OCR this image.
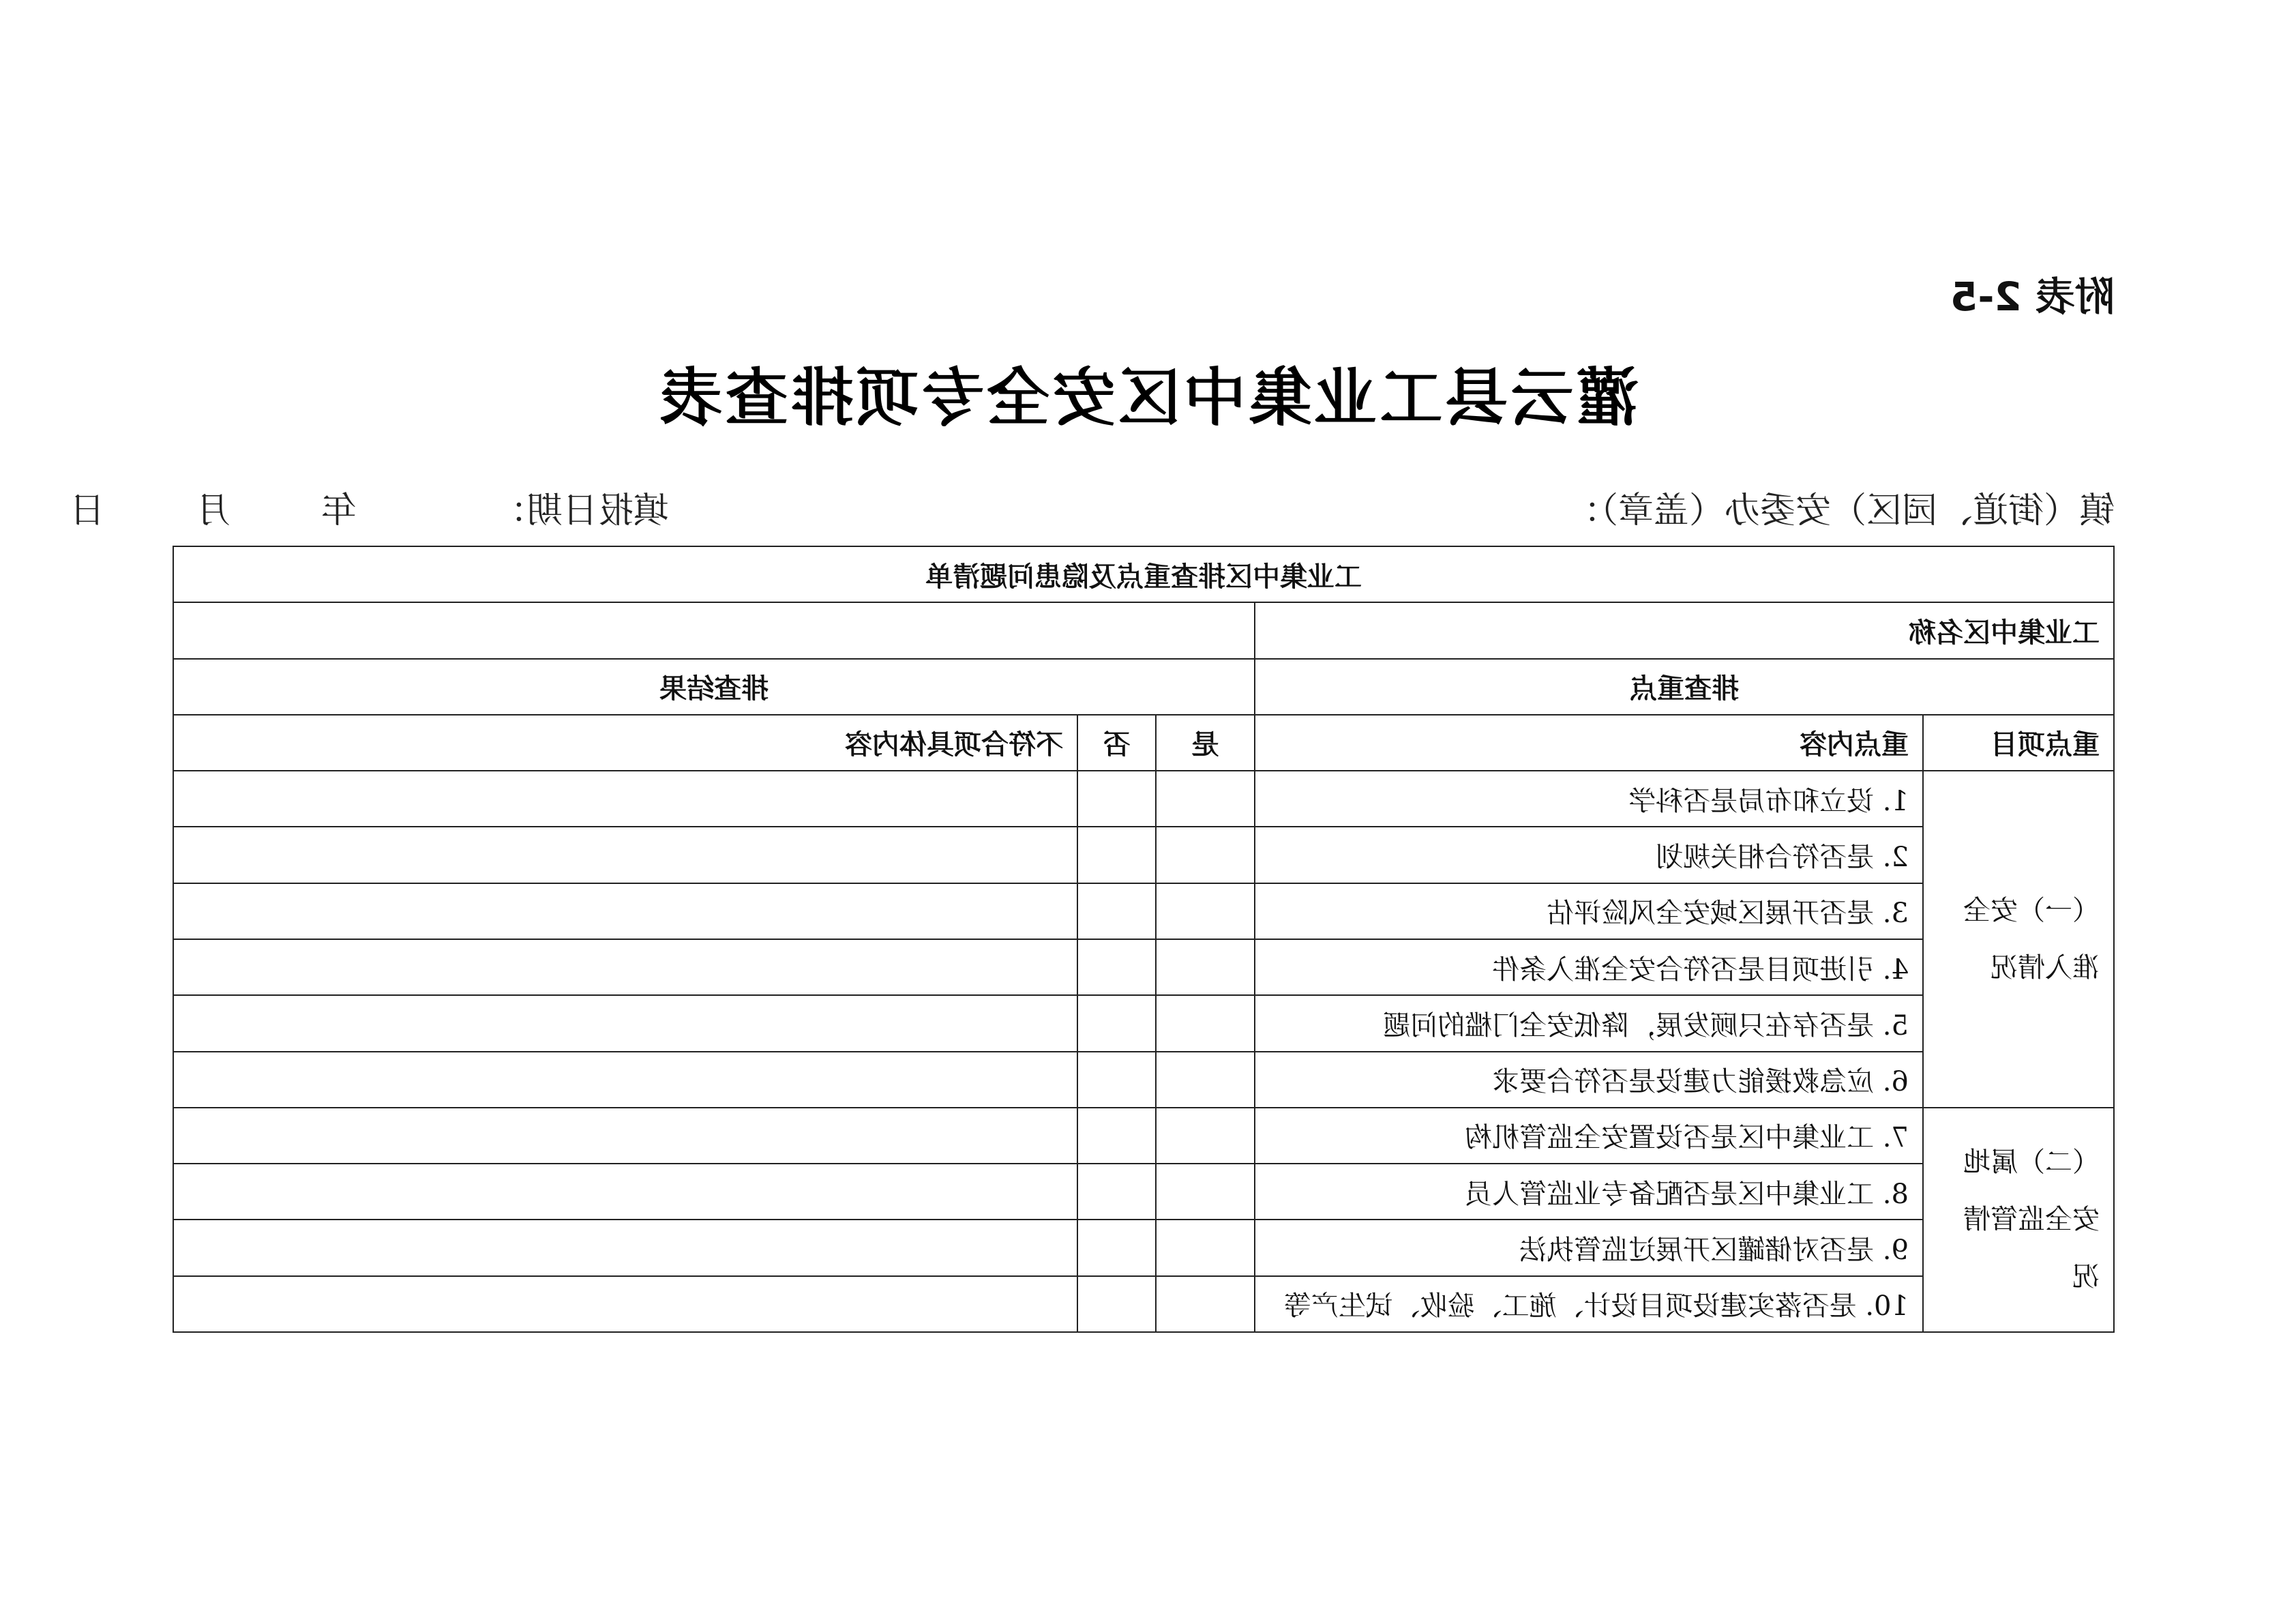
附表 2-5
灌云县工业集中区安全专项排查表
镇（街道、园区）安委办（盖章）：
填报日期：            年        月        日
工业集中区排查重点及隐患问题清单				
工业集中区名称				
排查重点		排查结果		
重点项目	重点内容	是	否	不符合项具体内容
（一）安全准入情况	1. 设立和布局是否科学			
	2. 是否符合相关规划			
	3. 是否开展区域安全风险评估			
	4. 引进项目是否符合安全准入条件			
	5. 是否存在只顾发展，降低安全门槛的问题			
	6. 应急救援能力建设是否符合要求			
（二）属地安全监管情况	7. 工业集中区是否设置安全监管机构			
	8. 工业集中区是否配备专业监管人员			
	9. 是否对储罐区开展过监管执法			
	10. 是否落实建设项目设计、施工、验收、试生产等			
